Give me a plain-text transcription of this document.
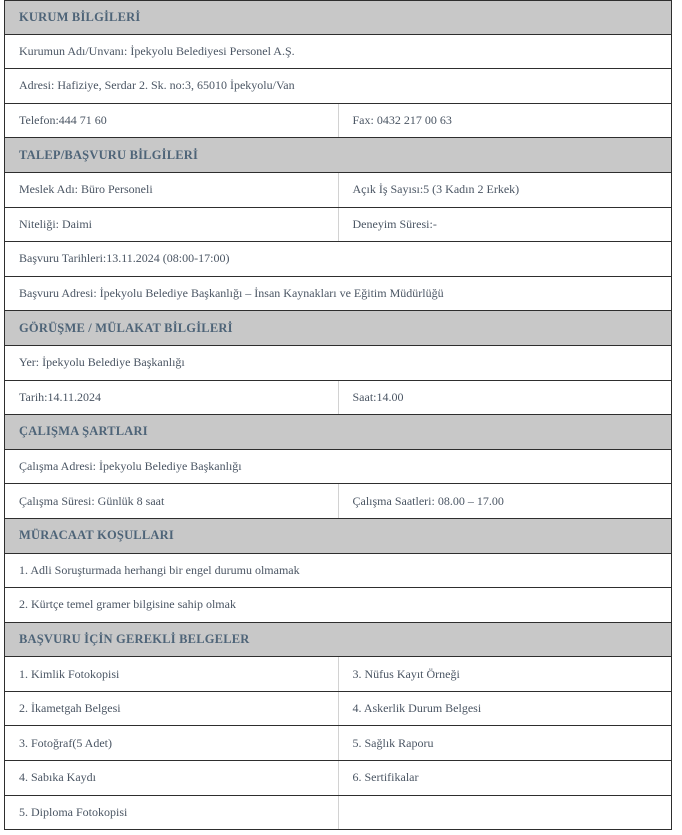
KURUM BİLGİLERİ
Kurumun Adı/Unvanı: İpekyolu Belediyesi Personel A.Ş.
Adresi: Hafiziye, Serdar 2. Sk. no:3, 65010 İpekyolu/Van
Telefon:444 71 60	Fax: 0432 217 00 63
TALEP/BAŞVURU BİLGİLERİ
Meslek Adı: Büro Personeli	Açık İş Sayısı:5 (3 Kadın 2 Erkek)
Niteliği: Daimi	Deneyim Süresi:-
Başvuru Tarihleri:13.11.2024 (08:00-17:00)
Başvuru Adresi: İpekyolu Belediye Başkanlığı – İnsan Kaynakları ve Eğitim Müdürlüğü
GÖRÜŞME / MÜLAKAT BİLGİLERİ
Yer: İpekyolu Belediye Başkanlığı
Tarih:14.11.2024	Saat:14.00
ÇALIŞMA ŞARTLARI
Çalışma Adresi: İpekyolu Belediye Başkanlığı
Çalışma Süresi: Günlük 8 saat	Çalışma Saatleri: 08.00 – 17.00
MÜRACAAT KOŞULLARI
1. Adli Soruşturmada herhangi bir engel durumu olmamak
2. Kürtçe temel gramer bilgisine sahip olmak
BAŞVURU İÇİN GEREKLİ BELGELER
1. Kimlik Fotokopisi	3. Nüfus Kayıt Örneği
2. İkametgah Belgesi	4. Askerlik Durum Belgesi
3. Fotoğraf(5 Adet)	5. Sağlık Raporu
4. Sabıka Kaydı	6. Sertifikalar
5. Diploma Fotokopisi
